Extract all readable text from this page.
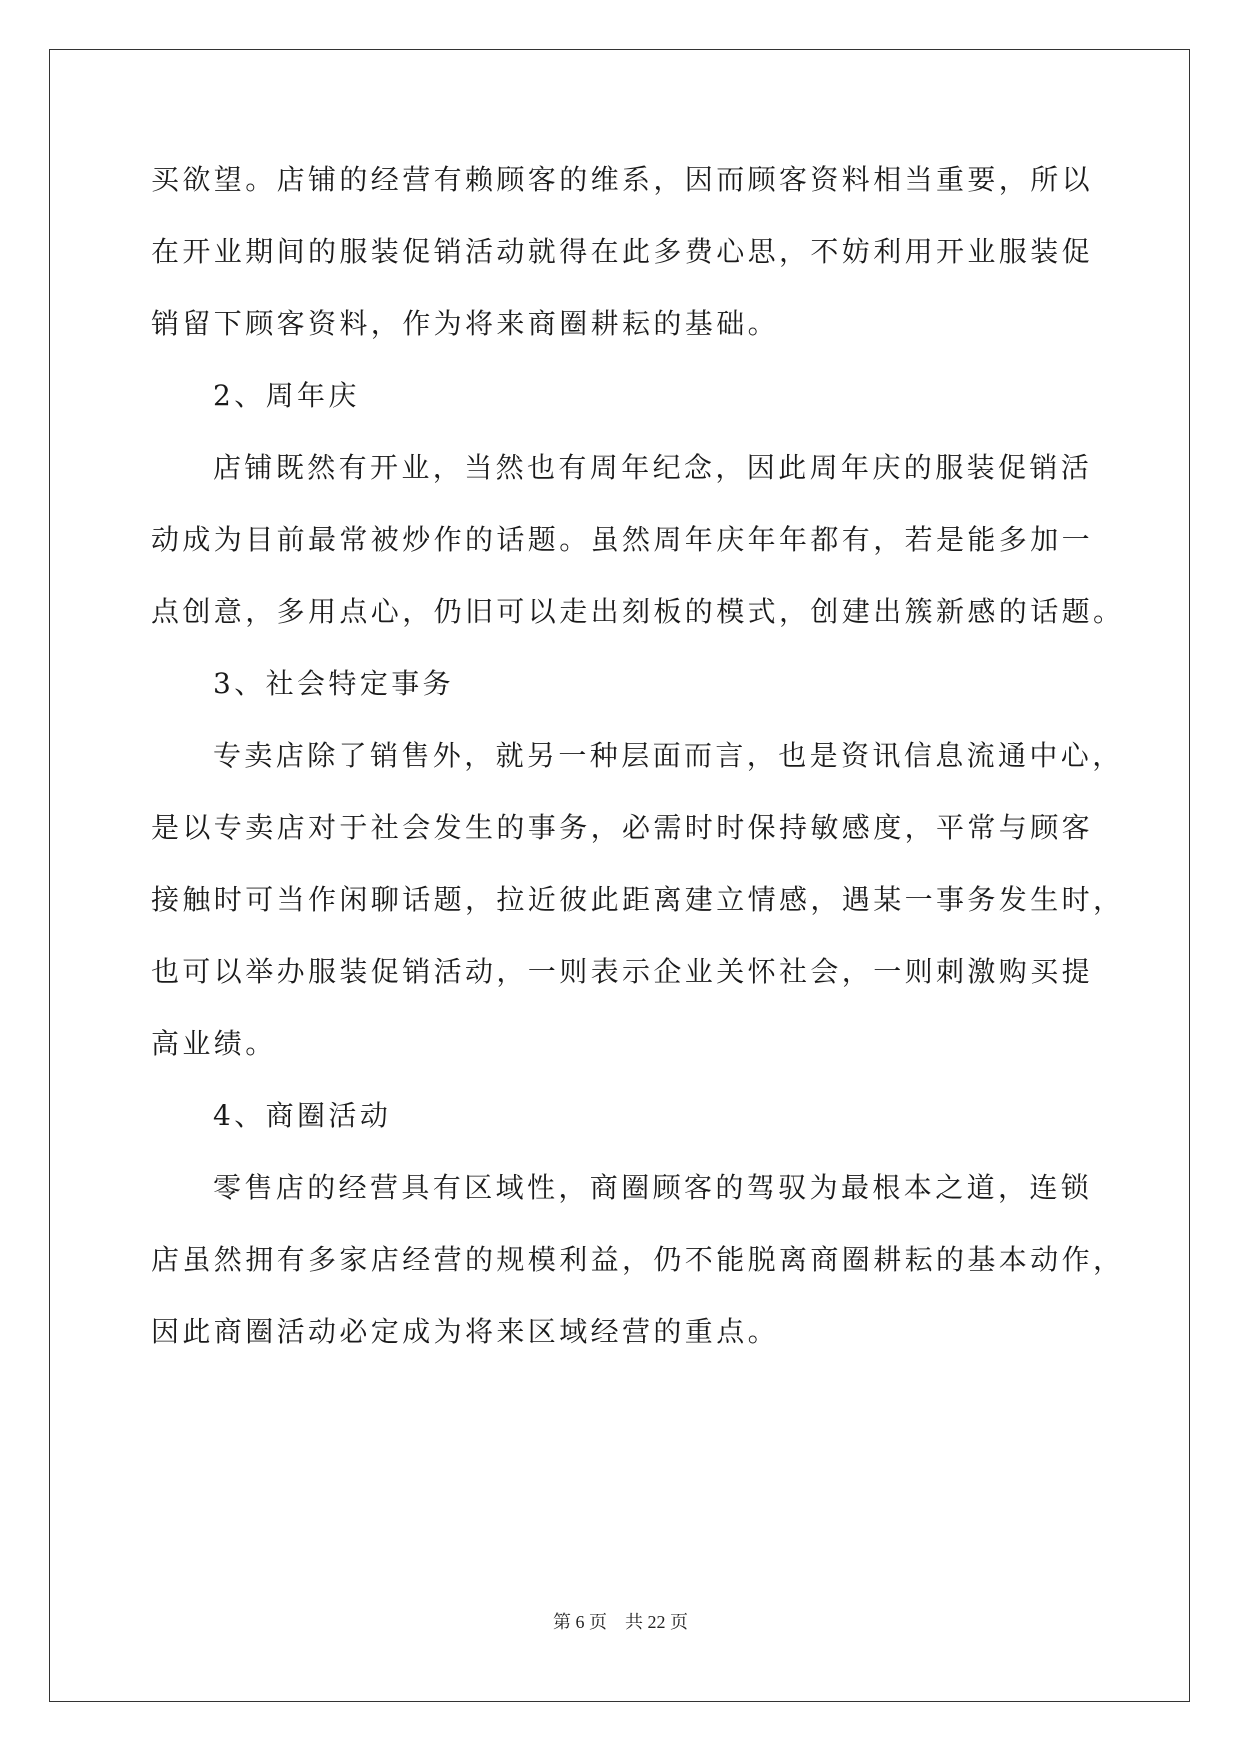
买欲望。店铺的经营有赖顾客的维系，因而顾客资料相当重要，所以
在开业期间的服装促销活动就得在此多费心思，不妨利用开业服装促
销留下顾客资料，作为将来商圈耕耘的基础。
2、周年庆
店铺既然有开业，当然也有周年纪念，因此周年庆的服装促销活
动成为目前最常被炒作的话题。虽然周年庆年年都有，若是能多加一
点创意，多用点心，仍旧可以走出刻板的模式，创建出簇新感的话题。
3、社会特定事务
专卖店除了销售外，就另一种层面而言，也是资讯信息流通中心，
是以专卖店对于社会发生的事务，必需时时保持敏感度，平常与顾客
接触时可当作闲聊话题，拉近彼此距离建立情感，遇某一事务发生时，
也可以举办服装促销活动，一则表示企业关怀社会，一则刺激购买提
高业绩。
4、商圈活动
零售店的经营具有区域性，商圈顾客的驾驭为最根本之道，连锁
店虽然拥有多家店经营的规模利益，仍不能脱离商圈耕耘的基本动作，
因此商圈活动必定成为将来区域经营的重点。
第 6 页 共 22 页
